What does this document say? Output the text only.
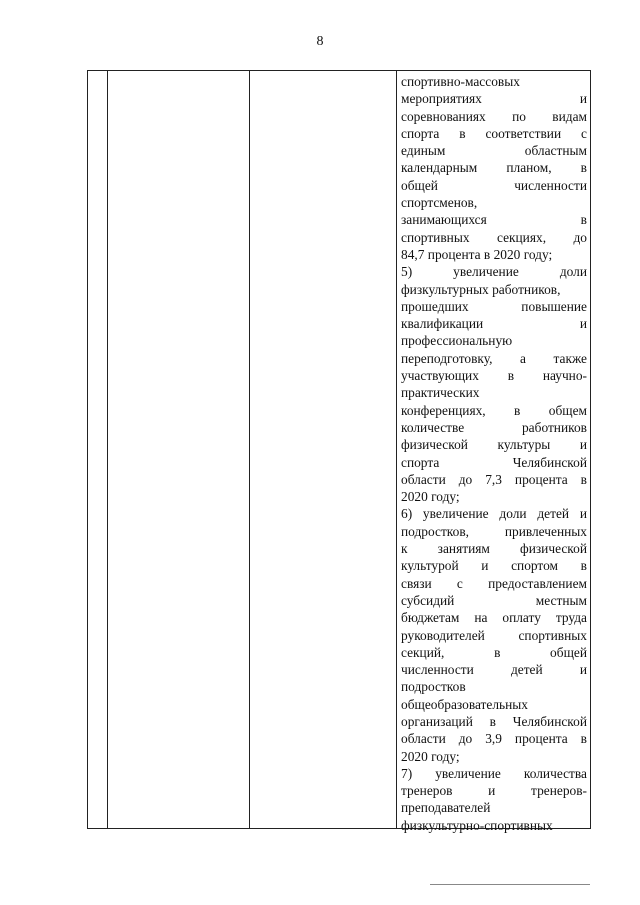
8
спортивно-массовых
мероприятиях и
соревнованиях по видам
спорта в соответствии с
единым областным
календарным планом, в
общей численности
спортсменов,
занимающихся в
спортивных секциях, до
84,7 процента в 2020 году;
5) увеличение доли
физкультурных работников,
прошедших повышение
квалификации и
профессиональную
переподготовку, а также
участвующих в научно-
практических
конференциях, в общем
количестве работников
физической культуры и
спорта Челябинской
области до 7,3 процента в
2020 году;
6) увеличение доли детей и
подростков, привлеченных
к занятиям физической
культурой и спортом в
связи с предоставлением
субсидий местным
бюджетам на оплату труда
руководителей спортивных
секций, в общей
численности детей и
подростков
общеобразовательных
организаций в Челябинской
области до 3,9 процента в
2020 году;
7) увеличение количества
тренеров и тренеров-
преподавателей
физкультурно-спортивных
